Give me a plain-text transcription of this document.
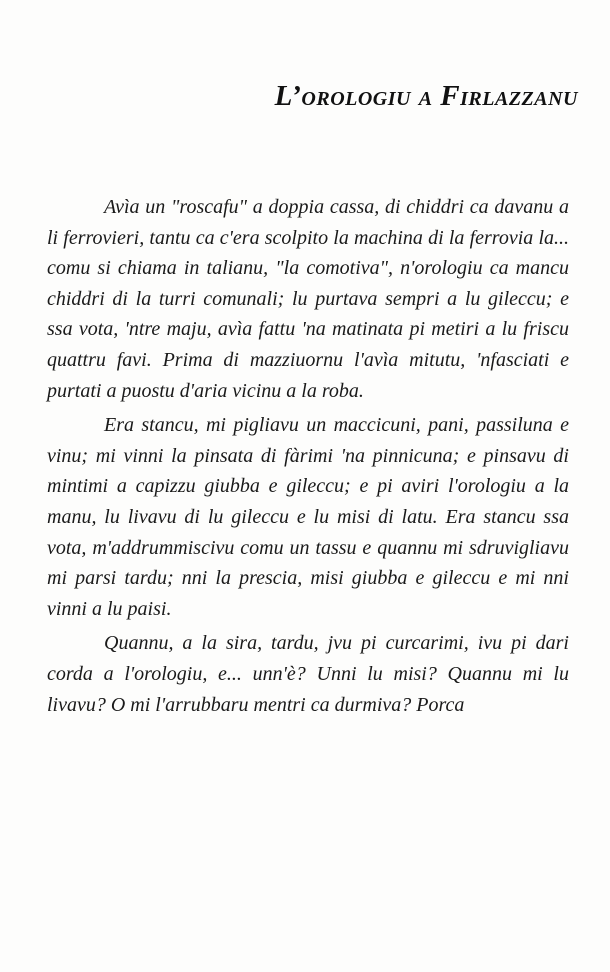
L’orologiu a Firlazzanu

Avìa un "roscafu" a doppia cassa, di chiddri ca davanu a li ferrovieri, tantu ca c'era scolpito la machina di la ferrovia la... comu si chiama in talianu, "la comotiva", n'orologiu ca mancu chiddri di la turri comunali; lu purtava sempri a lu gileccu; e ssa vota, 'ntre maju, avìa fattu 'na matinata pi metiri a lu friscu quattru favi. Prima di mazziuornu l'avìa mitutu, 'nfasciati e purtati a puostu d'aria vicinu a la roba.

Era stancu, mi pigliavu un maccicuni, pani, passiluna e vinu; mi vinni la pinsata di fàrimi 'na pinnicuna; e pinsavu di mintimi a capizzu giubba e gileccu; e pi aviri l'orologiu a la manu, lu livavu di lu gileccu e lu misi di latu. Era stancu ssa vota, m'addrummiscivu comu un tassu e quannu mi sdruvigliavu mi parsi tardu; nni la prescia, misi giubba e gileccu e mi nni vinni a lu paisi.

Quannu, a la sira, tardu, jvu pi curcarimi, ivu pi dari corda a l'orologiu, e... unn'è? Unni lu misi? Quannu mi lu livavu? O mi l'arrubbaru mentri ca durmiva? Porca
